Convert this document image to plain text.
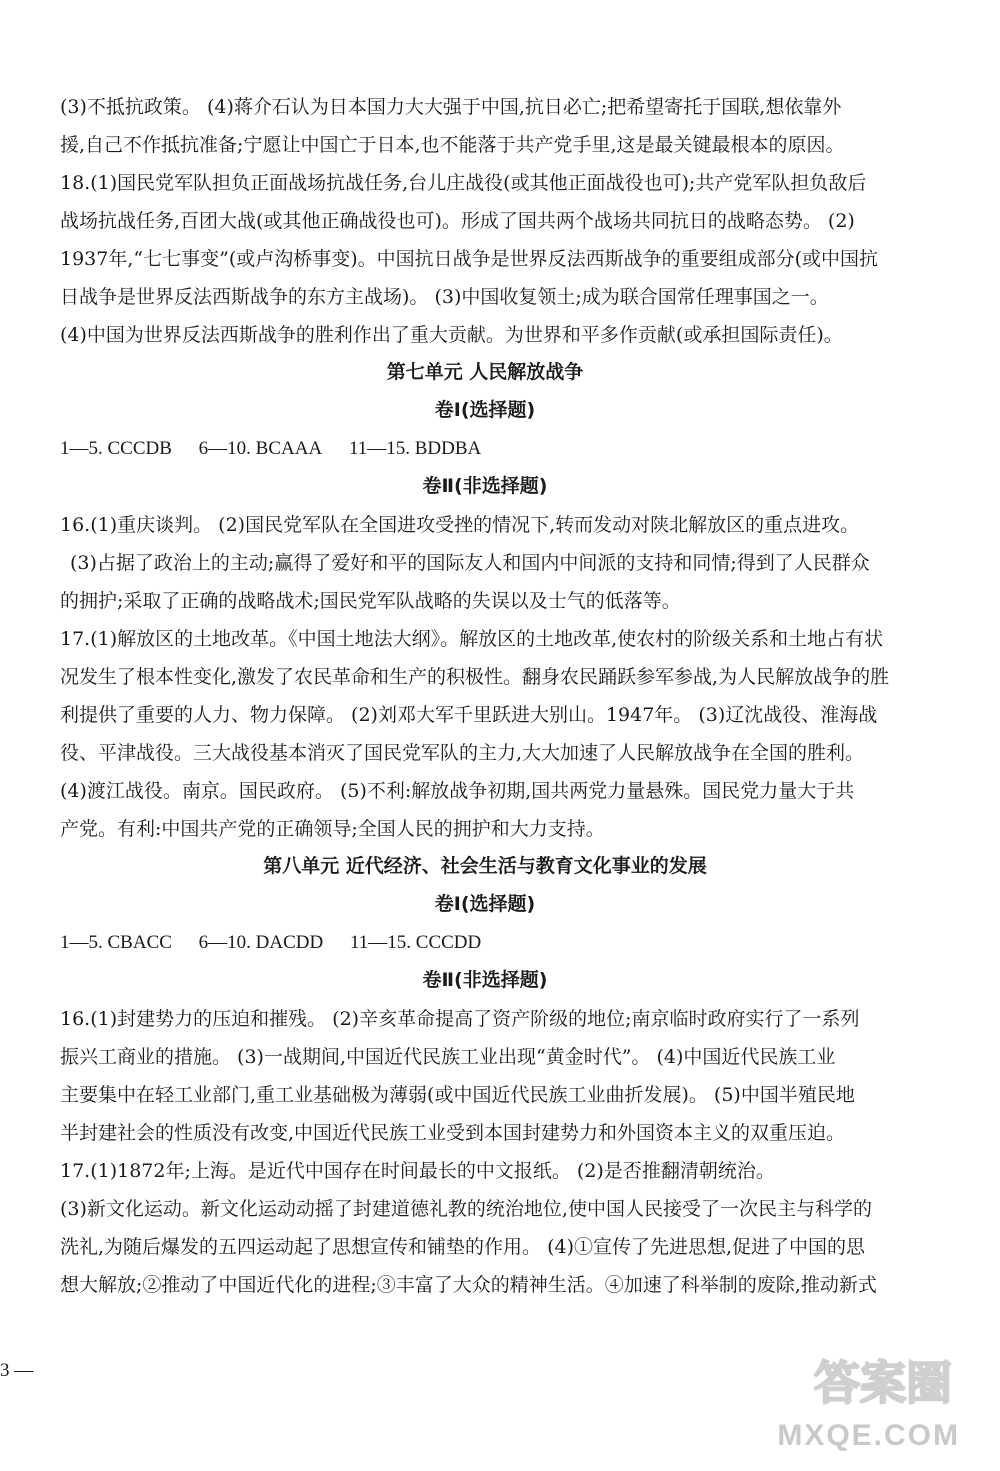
(3)不抵抗政策。 (4)蒋介石认为日本国力大大强于中国,抗日必亡;把希望寄托于国联,想依靠外
援,自己不作抵抗准备;宁愿让中国亡于日本,也不能落于共产党手里,这是最关键最根本的原因。
18.(1)国民党军队担负正面战场抗战任务,台儿庄战役(或其他正面战役也可);共产党军队担负敌后
战场抗战任务,百团大战(或其他正确战役也可)。形成了国共两个战场共同抗日的战略态势。 (2)
1937年,“七七事变”(或卢沟桥事变)。中国抗日战争是世界反法西斯战争的重要组成部分(或中国抗
日战争是世界反法西斯战争的东方主战场)。 (3)中国收复领土;成为联合国常任理事国之一。
(4)中国为世界反法西斯战争的胜利作出了重大贡献。为世界和平多作贡献(或承担国际责任)。
第七单元 人民解放战争
卷Ⅰ(选择题)
1—5. CCCDB 6—10. BCAAA 11—15. BDDBA
卷Ⅱ(非选择题)
16.(1)重庆谈判。 (2)国民党军队在全国进攻受挫的情况下,转而发动对陕北解放区的重点进攻。
(3)占据了政治上的主动;赢得了爱好和平的国际友人和国内中间派的支持和同情;得到了人民群众
的拥护;采取了正确的战略战术;国民党军队战略的失误以及士气的低落等。
17.(1)解放区的土地改革。《中国土地法大纲》。解放区的土地改革,使农村的阶级关系和土地占有状
况发生了根本性变化,激发了农民革命和生产的积极性。翻身农民踊跃参军参战,为人民解放战争的胜
利提供了重要的人力、物力保障。 (2)刘邓大军千里跃进大别山。1947年。 (3)辽沈战役、淮海战
役、平津战役。三大战役基本消灭了国民党军队的主力,大大加速了人民解放战争在全国的胜利。
(4)渡江战役。南京。国民政府。 (5)不利:解放战争初期,国共两党力量悬殊。国民党力量大于共
产党。有利:中国共产党的正确领导;全国人民的拥护和大力支持。
第八单元 近代经济、社会生活与教育文化事业的发展
卷Ⅰ(选择题)
1—5. CBACC 6—10. DACDD 11—15. CCCDD
卷Ⅱ(非选择题)
16.(1)封建势力的压迫和摧残。 (2)辛亥革命提高了资产阶级的地位;南京临时政府实行了一系列
振兴工商业的措施。 (3)一战期间,中国近代民族工业出现“黄金时代”。 (4)中国近代民族工业
主要集中在轻工业部门,重工业基础极为薄弱(或中国近代民族工业曲折发展)。 (5)中国半殖民地
半封建社会的性质没有改变,中国近代民族工业受到本国封建势力和外国资本主义的双重压迫。
17.(1)1872年;上海。是近代中国存在时间最长的中文报纸。 (2)是否推翻清朝统治。
(3)新文化运动。新文化运动动摇了封建道德礼教的统治地位,使中国人民接受了一次民主与科学的
洗礼,为随后爆发的五四运动起了思想宣传和铺垫的作用。 (4)①宣传了先进思想,促进了中国的思
想大解放;②推动了中国近代化的进程;③丰富了大众的精神生活。④加速了科举制的废除,推动新式
3 —	答案圈
MXQE.COM
